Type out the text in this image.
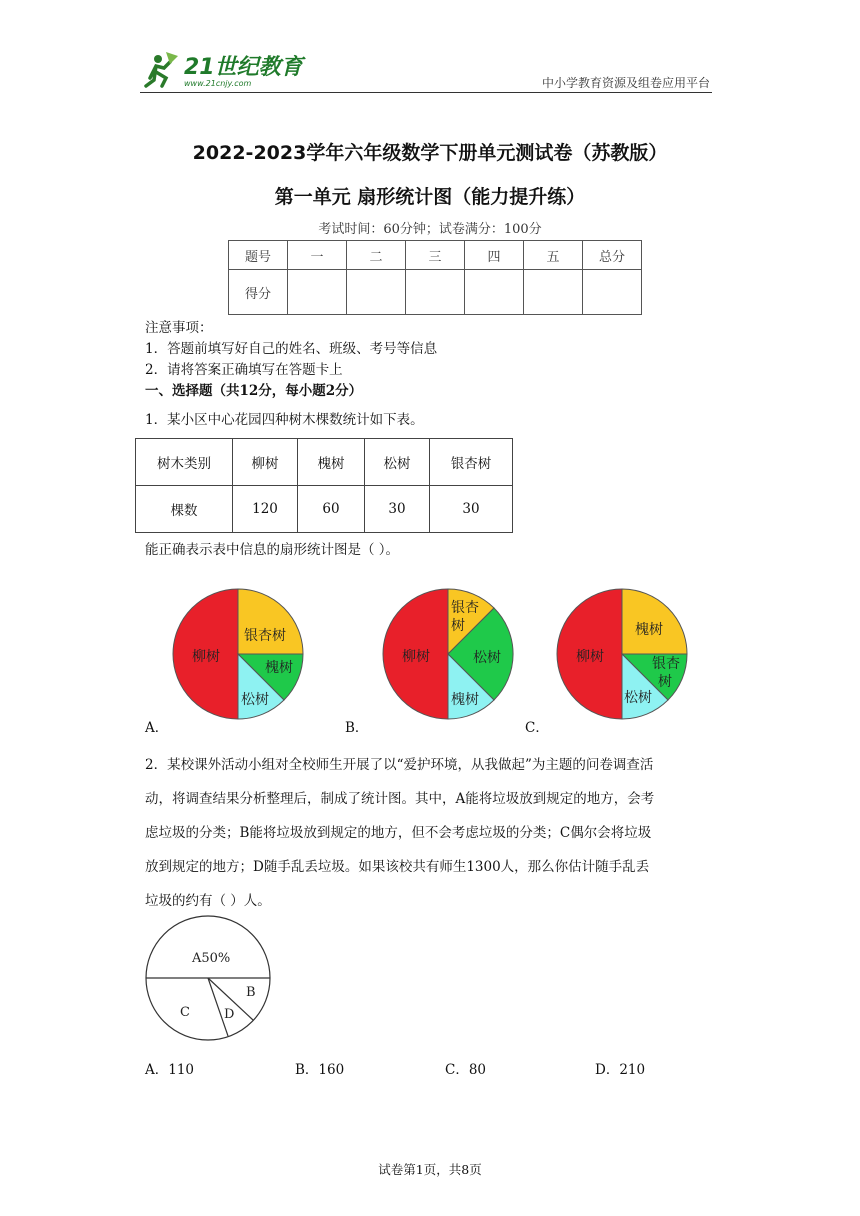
21世纪教育
www.21cnjy.com	中小学教育资源及组卷应用平台
2022-2023学年六年级数学下册单元测试卷（苏教版）
第一单元 扇形统计图（能力提升练）
考试时间：60分钟；试卷满分：100分
题号	一	二	三	四	五	总分
得分						
注意事项：
1．答题前填写好自己的姓名、班级、考号等信息
2．请将答案正确填写在答题卡上
一、选择题（共12分，每小题2分）
1．某小区中心花园四种树木棵数统计如下表。
树木类别	柳树	槐树	松树	银杏树
棵数	120	60	30	30
能正确表示表中信息的扇形统计图是（ ）。
柳树
银杏树
槐树
松树
柳树
银杏
树
松树
槐树
柳树
槐树
银杏
树
松树
A．	B．	C．
2．某校课外活动小组对全校师生开展了以“爱护环境，从我做起”为主题的问卷调查活
动，将调查结果分析整理后，制成了统计图。其中，A能将垃圾放到规定的地方，会考
虑垃圾的分类；B能将垃圾放到规定的地方，但不会考虑垃圾的分类；C偶尔会将垃圾
放到规定的地方；D随手乱丢垃圾。如果该校共有师生1300人，那么你估计随手乱丢
垃圾的约有（ ）人。
A50%
B
C	D
A．110	B．160	C．80	D．210
试卷第1页，共8页
